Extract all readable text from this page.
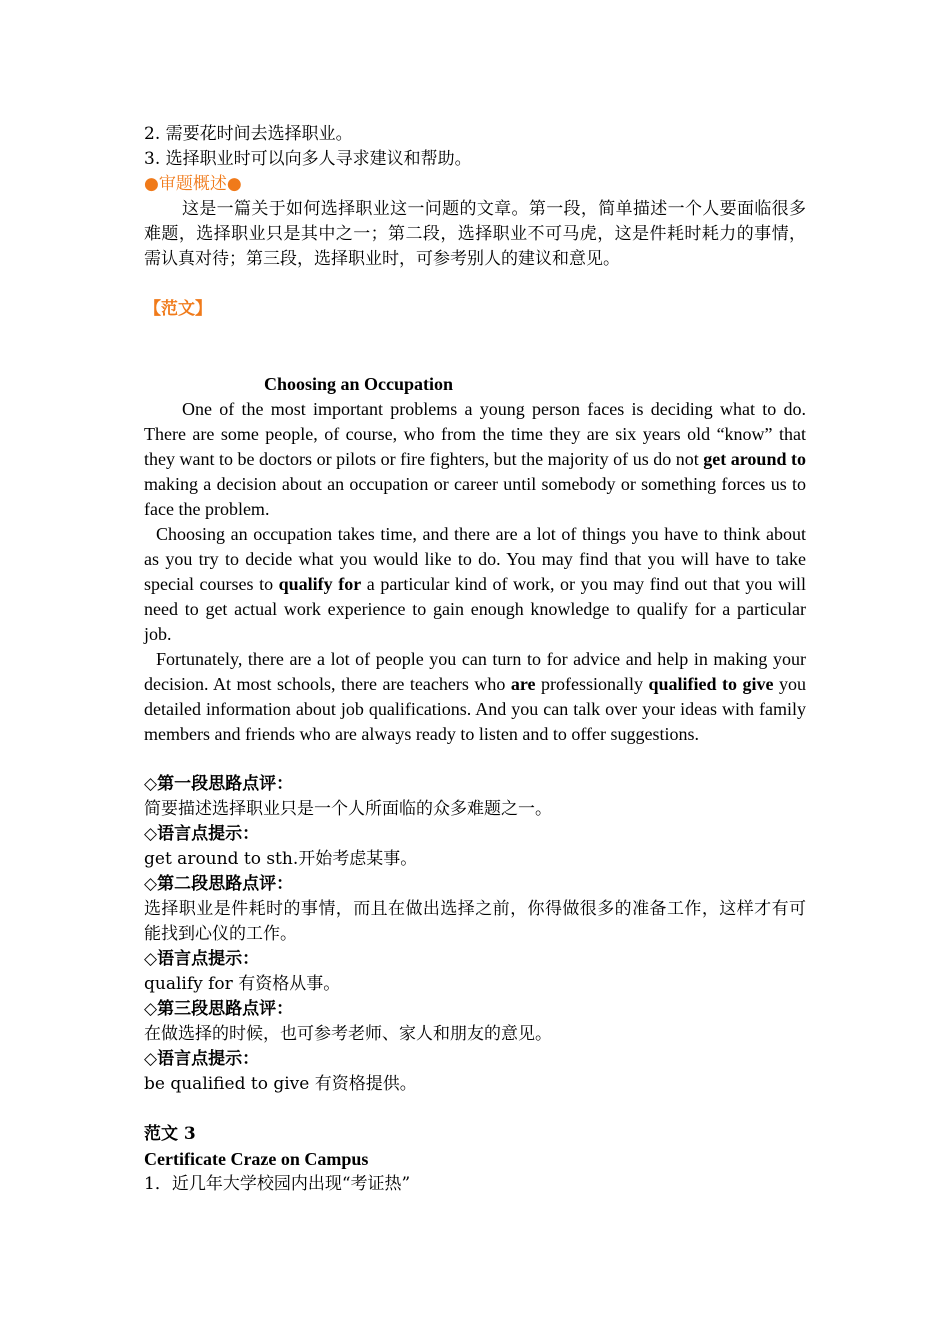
2. 需要花时间去选择职业。
3. 选择职业时可以向多人寻求建议和帮助。
●审题概述●
这是一篇关于如何选择职业这一问题的文章。第一段，简单描述一个人要面临很多难题，选择职业只是其中之一；第二段，选择职业不可马虎，这是件耗时耗力的事情，需认真对待；第三段，选择职业时，可参考别人的建议和意见。
【范文】
Choosing an Occupation
One of the most important problems a young person faces is deciding what to do. There are some people, of course, who from the time they are six years old “know” that they want to be doctors or pilots or fire fighters, but the majority of us do not get around to making a decision about an occupation or career until somebody or something forces us to face the problem.
Choosing an occupation takes time, and there are a lot of things you have to think about as you try to decide what you would like to do. You may find that you will have to take special courses to qualify for a particular kind of work, or you may find out that you will need to get actual work experience to gain enough knowledge to qualify for a particular job.
Fortunately, there are a lot of people you can turn to for advice and help in making your decision. At most schools, there are teachers who are professionally qualified to give you detailed information about job qualifications. And you can talk over your ideas with family members and friends who are always ready to listen and to offer suggestions.
◇第一段思路点评：
简要描述选择职业只是一个人所面临的众多难题之一。
◇语言点提示：
get around to sth.开始考虑某事。
◇第二段思路点评：
选择职业是件耗时的事情，而且在做出选择之前，你得做很多的准备工作，这样才有可能找到心仪的工作。
◇语言点提示：
qualify for 有资格从事。
◇第三段思路点评：
在做选择的时候，也可参考老师、家人和朋友的意见。
◇语言点提示：
be qualified to give 有资格提供。
范文 3
Certificate Craze on Campus
1．近几年大学校园内出现“考证热”
